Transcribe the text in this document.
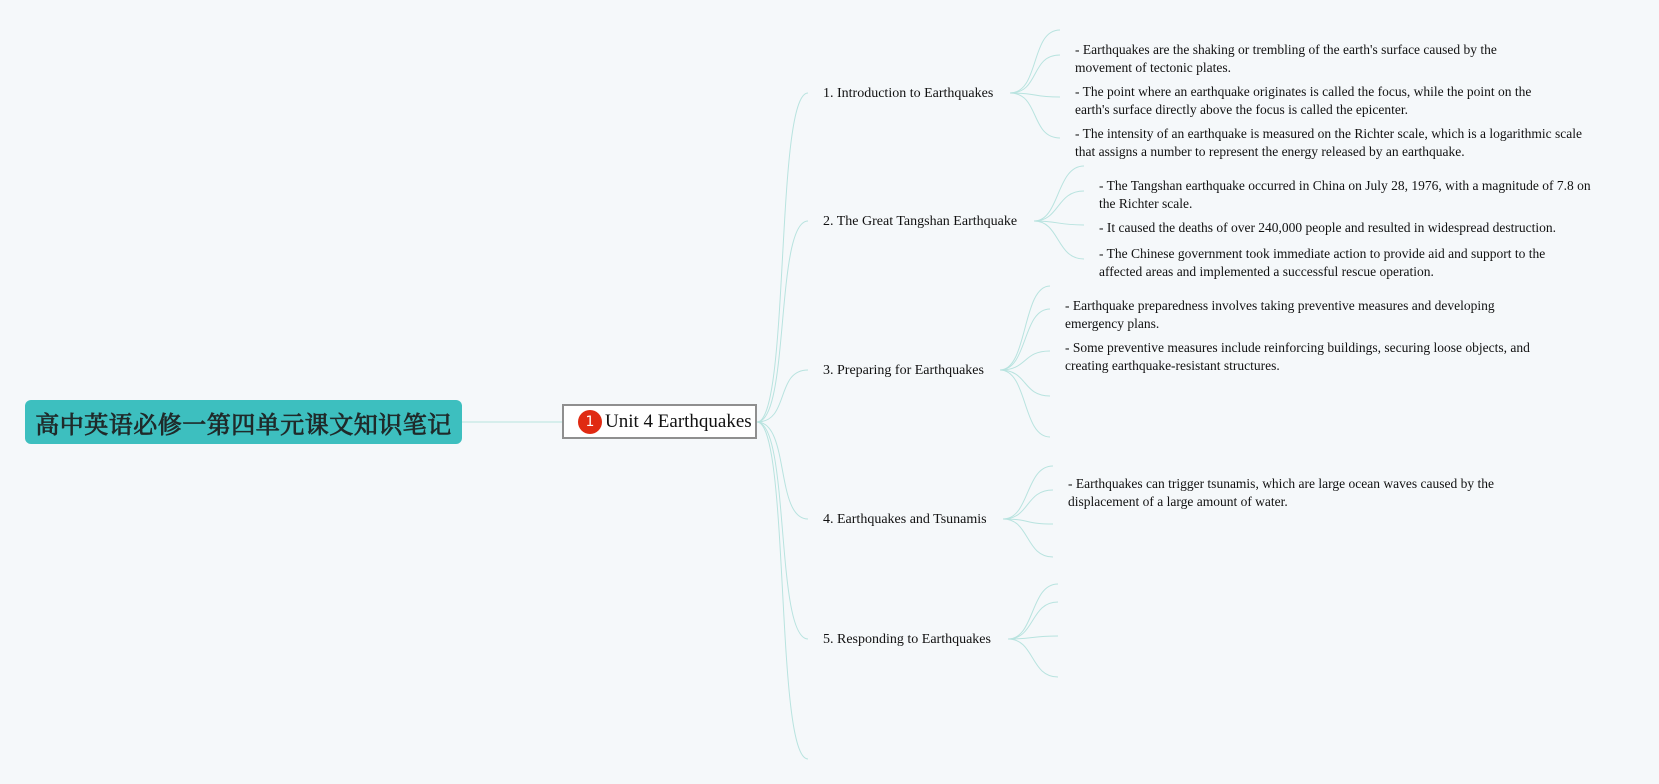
高中英语必修一第四单元课文知识笔记	1 Unit 4 Earthquakes
1. Introduction to Earthquakes
2. The Great Tangshan Earthquake
3. Preparing for Earthquakes
4. Earthquakes and Tsunamis
5. Responding to Earthquakes
- Earthquakes are the shaking or trembling of the earth's surface caused by the movement of tectonic plates.
- The point where an earthquake originates is called the focus, while the point on the earth's surface directly above the focus is called the epicenter.
- The intensity of an earthquake is measured on the Richter scale, which is a logarithmic scale that assigns a number to represent the energy released by an earthquake.
- The Tangshan earthquake occurred in China on July 28, 1976, with a magnitude of 7.8 on the Richter scale.
- It caused the deaths of over 240,000 people and resulted in widespread destruction.
- The Chinese government took immediate action to provide aid and support to the affected areas and implemented a successful rescue operation.
- Earthquake preparedness involves taking preventive measures and developing emergency plans.
- Some preventive measures include reinforcing buildings, securing loose objects, and creating earthquake-resistant structures.
- Earthquakes can trigger tsunamis, which are large ocean waves caused by the displacement of a large amount of water.
